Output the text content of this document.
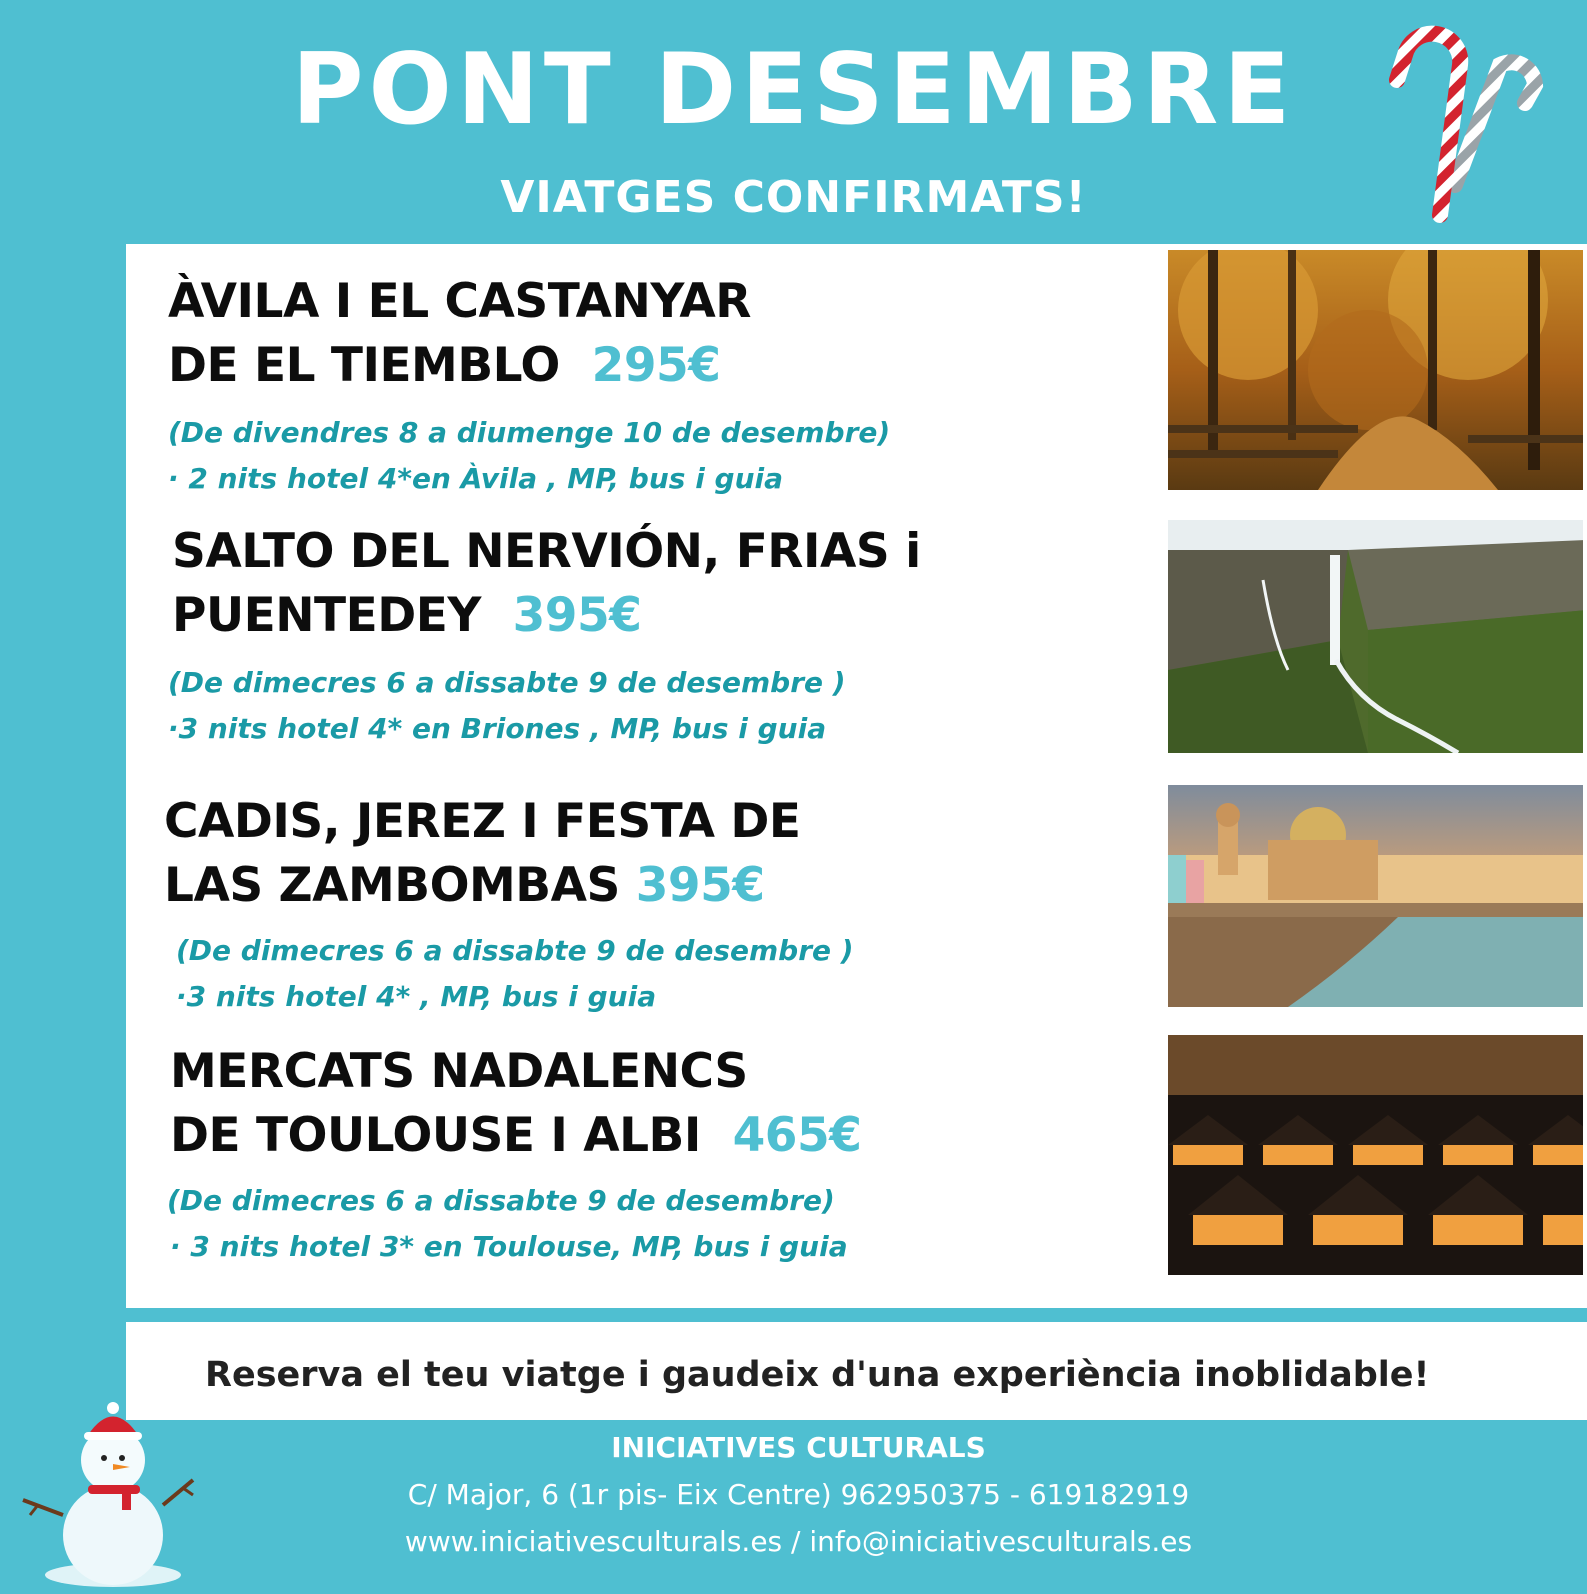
PONT DESEMBRE
VIATGES CONFIRMATS!
ÀVILA I EL CASTANYAR
DE EL TIEMBLO 295€
(De divendres 8 a diumenge 10 de desembre)
· 2 nits hotel 4*en Àvila , MP, bus i guia
SALTO DEL NERVIÓN, FRIAS i
PUENTEDEY 395€
(De dimecres 6 a dissabte 9 de desembre )
·3 nits hotel 4* en Briones , MP, bus i guia
CADIS, JEREZ I FESTA DE
LAS ZAMBOMBAS 395€
(De dimecres 6 a dissabte 9 de desembre )
·3 nits hotel 4* , MP, bus i guia
MERCATS NADALENCS
DE TOULOUSE I ALBI 465€
(De dimecres 6 a dissabte 9 de desembre)
· 3 nits hotel 3* en Toulouse, MP, bus i guia
Reserva el teu viatge i gaudeix d'una experiència inoblidable!
INICIATIVES CULTURALS
C/ Major, 6 (1r pis- Eix Centre) 962950375 - 619182919
www.iniciativesculturals.es / info@iniciativesculturals.es
